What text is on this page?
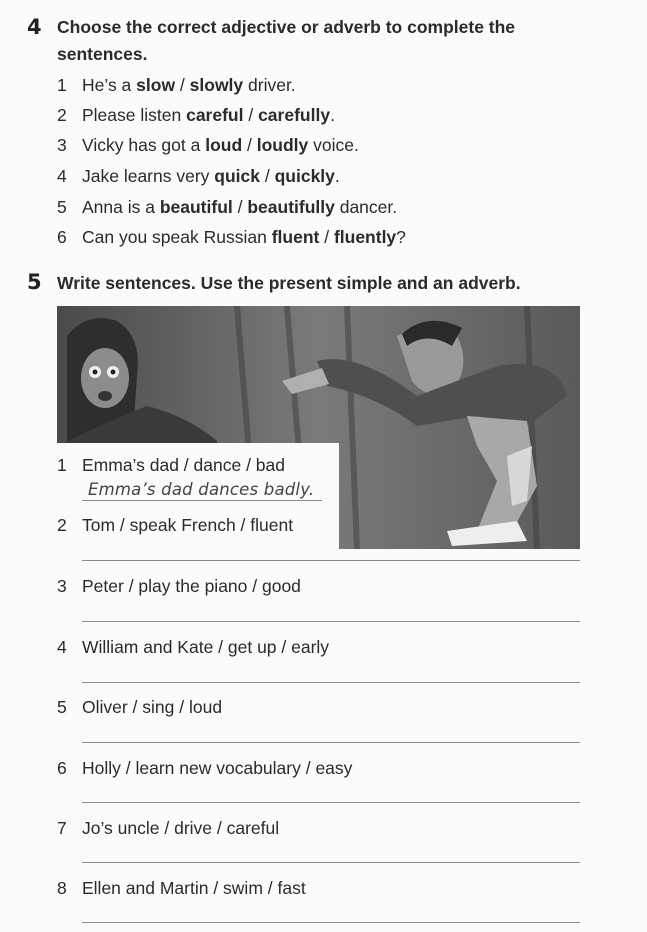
4 Choose the correct adjective or adverb to complete the
sentences.
1 He’s a slow / slowly driver.
2 Please listen careful / carefully.
3 Vicky has got a loud / loudly voice.
4 Jake learns very quick / quickly.
5 Anna is a beautiful / beautifully dancer.
6 Can you speak Russian fluent / fluently?
5 Write sentences. Use the present simple and an adverb.
1 Emma’s dad / dance / bad
Emma’s dad dances badly.
2 Tom / speak French / fluent
3 Peter / play the piano / good
4 William and Kate / get up / early
5 Oliver / sing / loud
6 Holly / learn new vocabulary / easy
7 Jo’s uncle / drive / careful
8 Ellen and Martin / swim / fast
